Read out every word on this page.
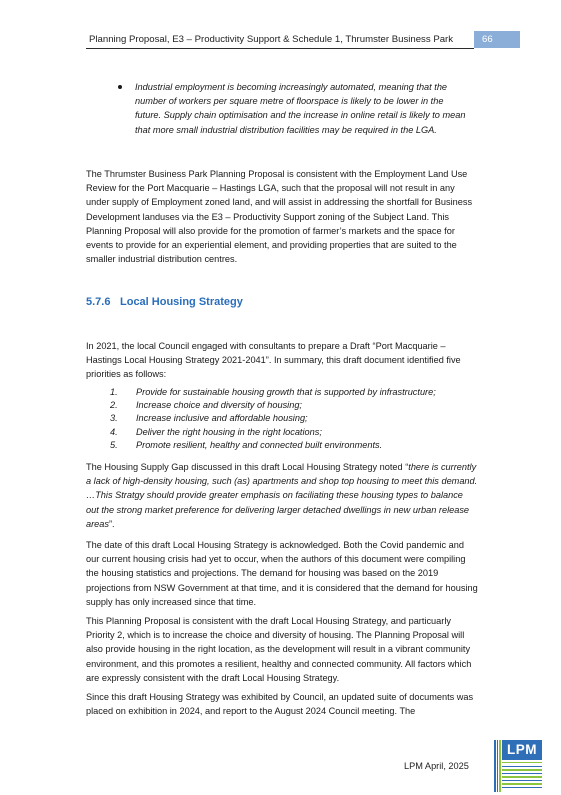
Planning Proposal, E3 – Productivity Support & Schedule 1, Thrumster Business Park	66
Industrial employment is becoming increasingly automated, meaning that the number of workers per square metre of floorspace is likely to be lower in the future. Supply chain optimisation and the increase in online retail is likely to mean that more small industrial distribution facilities may be required in the LGA.

The Thrumster Business Park Planning Proposal is consistent with the Employment Land Use Review for the Port Macquarie – Hastings LGA, such that the proposal will not result in any under supply of Employment zoned land, and will assist in addressing the shortfall for Business Development landuses via the E3 – Productivity Support zoning of the Subject Land. This Planning Proposal will also provide for the promotion of farmer’s markets and the space for events to provide for an experiential element, and providing properties that are suited to the smaller industrial distribution centres.

5.7.6 Local Housing Strategy

In 2021, the local Council engaged with consultants to prepare a Draft “Port Macquarie – Hastings Local Housing Strategy 2021-2041”. In summary, this draft document identified five priorities as follows:

1. Provide for sustainable housing growth that is supported by infrastructure;
2. Increase choice and diversity of housing;
3. Increase inclusive and affordable housing;
4. Deliver the right housing in the right locations;
5. Promote resilient, healthy and connected built environments.

The Housing Supply Gap discussed in this draft Local Housing Strategy noted “there is currently a lack of high-density housing, such (as) apartments and shop top housing to meet this demand. …This Stratgy should provide greater emphasis on faciliating these housing types to balance out the strong market preference for delivering larger detached dwellings in new urban release areas”.

The date of this draft Local Housing Strategy is acknowledged. Both the Covid pandemic and our current housing crisis had yet to occur, when the authors of this document were compiling the housing statistics and projections. The demand for housing was based on the 2019 projections from NSW Government at that time, and it is considered that the demand for housing supply has only increased since that time.

This Planning Proposal is consistent with the draft Local Housing Strategy, and particuarly Priority 2, which is to increase the choice and diversity of housing. The Planning Proposal will also provide housing in the right location, as the development will result in a vibrant community environment, and this promotes a resilient, healthy and connected community. All factors which are expressly consistent with the draft Local Housing Strategy.

Since this draft Housing Strategy was exhibited by Council, an updated suite of documents was placed on exhibition in 2024, and report to the August 2024 Council meeting. The

LPM April, 2025
LPM
